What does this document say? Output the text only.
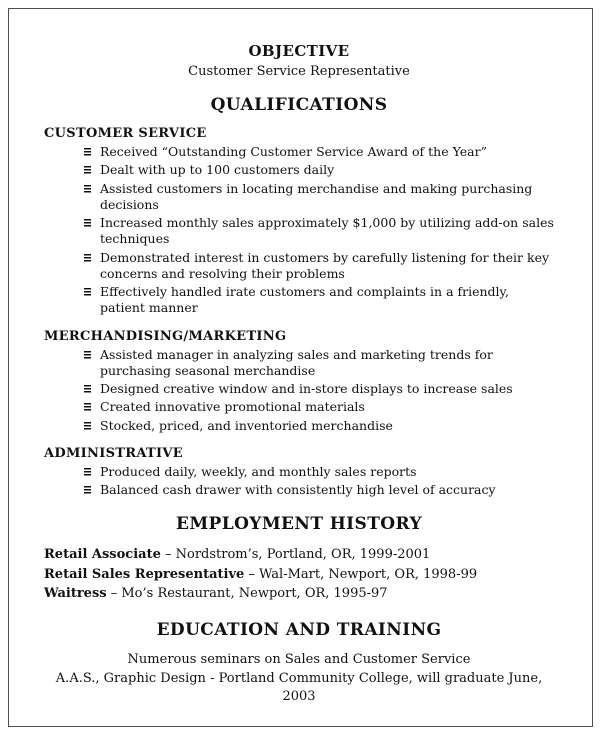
OBJECTIVE
Customer Service Representative
QUALIFICATIONS
CUSTOMER SERVICE
Received “Outstanding Customer Service Award of the Year”
Dealt with up to 100 customers daily
Assisted customers in locating merchandise and making purchasing decisions
Increased monthly sales approximately $1,000 by utilizing add-on sales techniques
Demonstrated interest in customers by carefully listening for their key concerns and resolving their problems
Effectively handled irate customers and complaints in a friendly, patient manner
MERCHANDISING/MARKETING
Assisted manager in analyzing sales and marketing trends for purchasing seasonal merchandise
Designed creative window and in-store displays to increase sales
Created innovative promotional materials
Stocked, priced, and inventoried merchandise
ADMINISTRATIVE
Produced daily, weekly, and monthly sales reports
Balanced cash drawer with consistently high level of accuracy
EMPLOYMENT HISTORY
Retail Associate – Nordstrom’s, Portland, OR, 1999-2001
Retail Sales Representative – Wal-Mart, Newport, OR, 1998-99
Waitress – Mo’s Restaurant, Newport, OR, 1995-97
EDUCATION AND TRAINING
Numerous seminars on Sales and Customer Service
A.A.S., Graphic Design - Portland Community College, will graduate June, 2003
